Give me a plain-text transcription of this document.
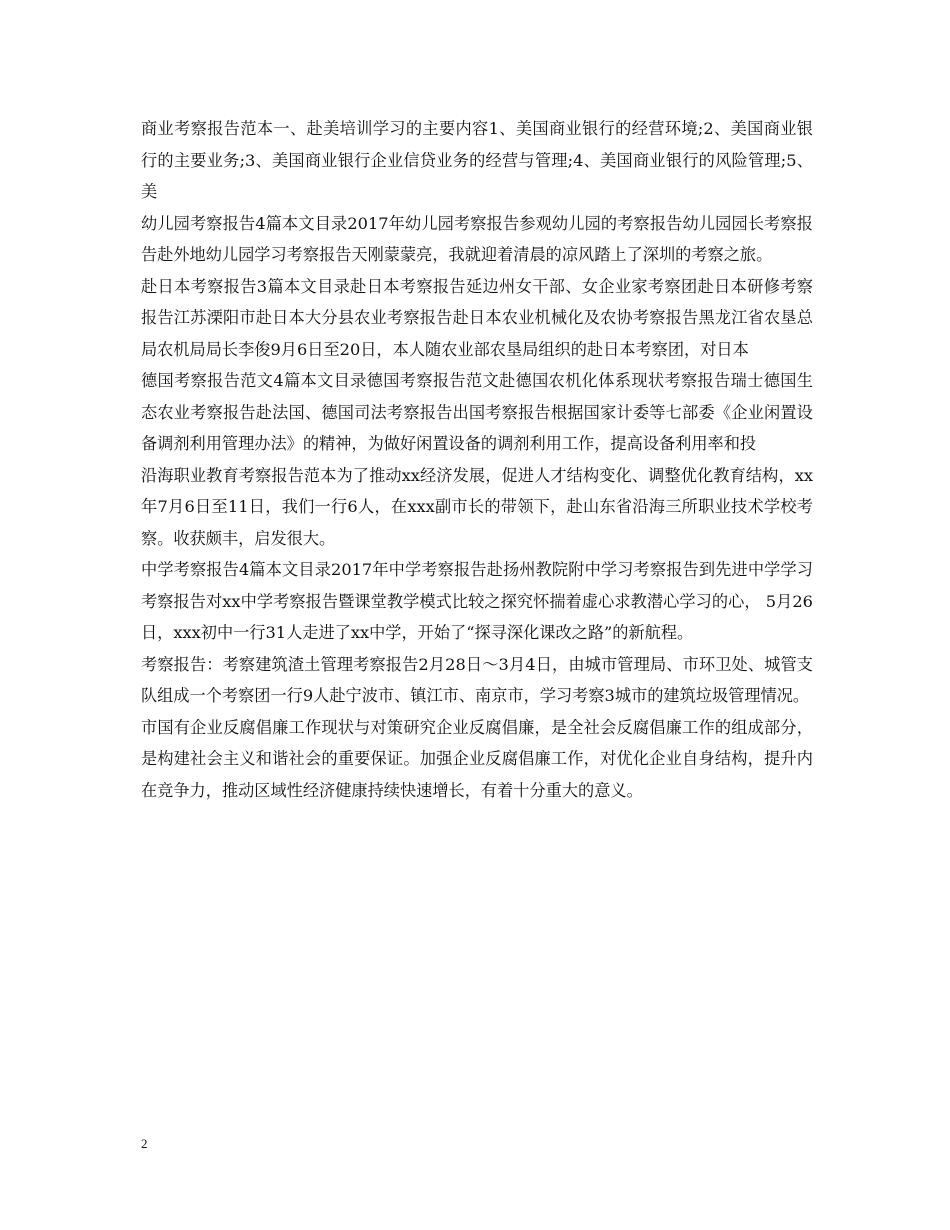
商业考察报告范本一、赴美培训学习的主要内容1、美国商业银行的经营环境;2、美国商业银行的主要业务;3、美国商业银行企业信贷业务的经营与管理;4、美国商业银行的风险管理;5、美

幼儿园考察报告4篇本文目录2017年幼儿园考察报告参观幼儿园的考察报告幼儿园园长考察报告赴外地幼儿园学习考察报告天刚蒙蒙亮，我就迎着清晨的凉风踏上了深圳的考察之旅。

赴日本考察报告3篇本文目录赴日本考察报告延边州女干部、女企业家考察团赴日本研修考察报告江苏溧阳市赴日本大分县农业考察报告赴日本农业机械化及农协考察报告黑龙江省农垦总局农机局局长李俊9月6日至20日，本人随农业部农垦局组织的赴日本考察团，对日本

德国考察报告范文4篇本文目录德国考察报告范文赴德国农机化体系现状考察报告瑞士德国生态农业考察报告赴法国、德国司法考察报告出国考察报告根据国家计委等七部委《企业闲置设备调剂利用管理办法》的精神，为做好闲置设备的调剂利用工作，提高设备利用率和投

沿海职业教育考察报告范本为了推动xx经济发展，促进人才结构变化、调整优化教育结构，xx年7月6日至11日，我们一行6人，在xxx副市长的带领下，赴山东省沿海三所职业技术学校考察。收获颇丰，启发很大。

中学考察报告4篇本文目录2017年中学考察报告赴扬州教院附中学习考察报告到先进中学学习考察报告对xx中学考察报告暨课堂教学模式比较之探究怀揣着虚心求教潜心学习的心， 5月26日，xxx初中一行31人走进了xx中学，开始了“探寻深化课改之路”的新航程。

考察报告：考察建筑渣土管理考察报告2月28日～3月4日，由城市管理局、市环卫处、城管支队组成一个考察团一行9人赴宁波市、镇江市、南京市，学习考察3城市的建筑垃圾管理情况。

市国有企业反腐倡廉工作现状与对策研究企业反腐倡廉，是全社会反腐倡廉工作的组成部分，是构建社会主义和谐社会的重要保证。加强企业反腐倡廉工作，对优化企业自身结构，提升内在竞争力，推动区域性经济健康持续快速增长，有着十分重大的意义。

2
